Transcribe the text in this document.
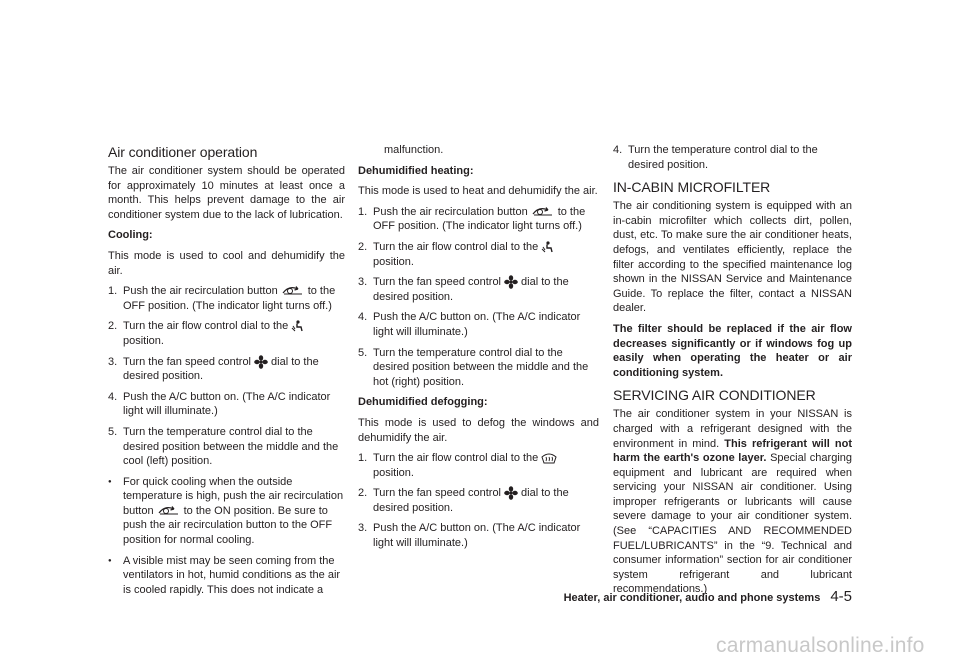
Air conditioner operation

The air conditioner system should be operated for approximately 10 minutes at least once a month. This helps prevent damage to the air conditioner system due to the lack of lubrication.

Cooling:

This mode is used to cool and dehumidify the air.

1. Push the air recirculation button	to the OFF position. (The indicator light turns off.)
2. Turn the air flow control dial to the

position.
3. Turn the fan speed control dial to the desired position.
4. Push the A/C button on. (The A/C indicator light will illuminate.)
5. Turn the temperature control dial to the desired position between the middle and the cool (left) position.
●	For quick cooling when the outside temperature is high, push the air recirculation button	to the ON position. Be sure to push the air recirculation button to the OFF position for normal cooling.
●	A visible mist may be seen coming from the ventilators in hot, humid conditions as the air is cooled rapidly. This does not indicate a

malfunction.

Dehumidified heating:

This mode is used to heat and dehumidify the air.

1. Push the air recirculation button	to the OFF position. (The indicator light turns off.)
2. Turn the air flow control dial to the

position.
3. Turn the fan speed control dial to the desired position.
4. Push the A/C button on. (The A/C indicator light will illuminate.)
5. Turn the temperature control dial to the desired position between the middle and the hot (right) position.

Dehumidified defogging:

This mode is used to defog the windows and dehumidify the air.

1. Turn the air flow control dial to the

position.
2. Turn the fan speed control dial to the desired position.
3. Push the A/C button on. (The A/C indicator light will illuminate.)
4. Turn the temperature control dial to the desired position.
IN-CABIN MICROFILTER

The air conditioning system is equipped with an in-cabin microfilter which collects dirt, pollen, dust, etc. To make sure the air conditioner heats, defogs, and ventilates efficiently, replace the filter according to the specified maintenance log shown in the NISSAN Service and Maintenance Guide. To replace the filter, contact a NISSAN dealer.

The filter should be replaced if the air flow decreases significantly or if windows fog up easily when operating the heater or air conditioning system.

SERVICING AIR CONDITIONER

The air conditioner system in your NISSAN is charged with a refrigerant designed with the environment in mind. This refrigerant will not harm the earth's ozone layer. Special charging equipment and lubricant are required when servicing your NISSAN air conditioner. Using improper refrigerants or lubricants will cause severe damage to your air conditioner system. (See “CAPACITIES AND RECOMMENDED FUEL/LUBRICANTS” in the “9. Technical and consumer information” section for air conditioner system refrigerant and lubricant recommendations.)

Heater, air conditioner, audio and phone systems 4-5
carmanualsonline.info
